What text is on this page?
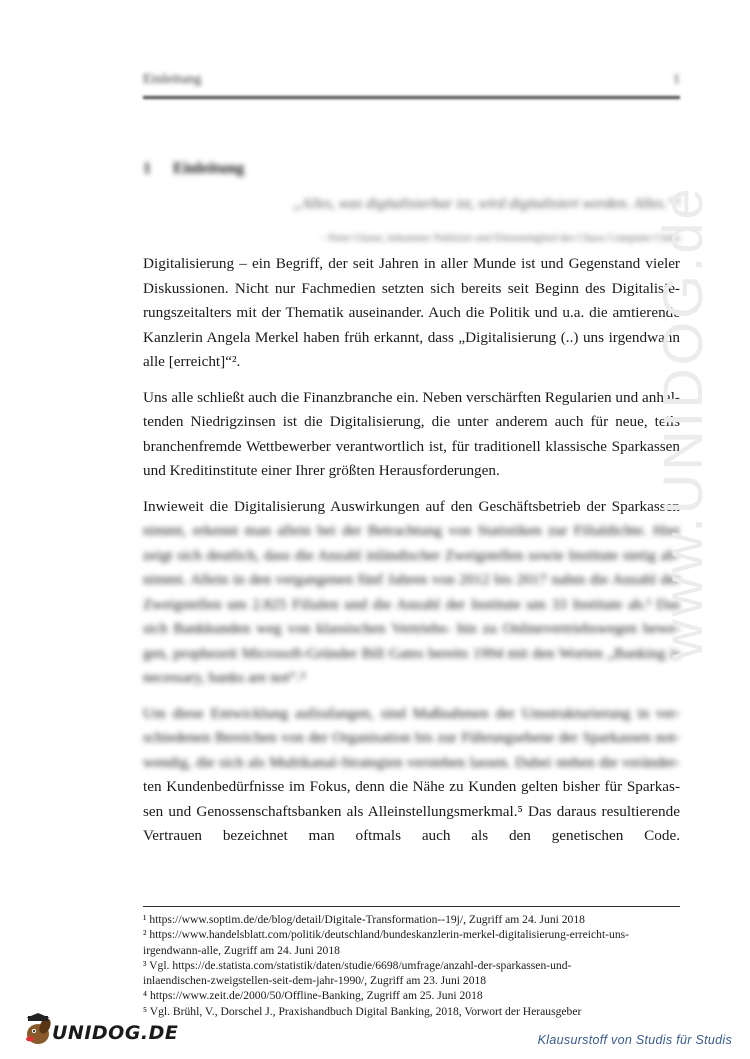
Einleitung	1
1 Einleitung
„Alles, was digitalisierbar ist, wird digitalisiert werden. Alles.“¹
– Peter Glaser, bekannter Publizist und Ehrenmitglied des Chaos Computer Clubs

Digitalisierung – ein Begriff, der seit Jahren in aller Munde ist und Gegenstand vieler
Diskussionen. Nicht nur Fachmedien setzten sich bereits seit Beginn des Digitalisie-
rungszeitalters mit der Thematik auseinander. Auch die Politik und u.a. die amtierende
Kanzlerin Angela Merkel haben früh erkannt, dass „Digitalisierung (..) uns irgendwann
alle [erreicht]“².

Uns alle schließt auch die Finanzbranche ein. Neben verschärften Regularien und anhal-
tenden Niedrigzinsen ist die Digitalisierung, die unter anderem auch für neue, teils
branchenfremde Wettbewerber verantwortlich ist, für traditionell klassische Sparkassen
und Kreditinstitute einer Ihrer größten Herausforderungen.

Inwieweit die Digitalisierung Auswirkungen auf den Geschäftsbetrieb der Sparkassen
nimmt, erkennt man allein bei der Betrachtung von Statistiken zur Filialdichte. Hier
zeigt sich deutlich, dass die Anzahl inländischer Zweigstellen sowie Institute stetig ab-
nimmt. Allein in den vergangenen fünf Jahren von 2012 bis 2017 nahm die Anzahl der
Zweigstellen um 2.825 Filialen und die Anzahl der Institute um 33 Institute ab.³ Das
sich Bankkunden weg von klassischen Vertriebs- hin zu Onlinevertriebswegen bewe-
gen, prophezeit Microsoft-Gründer Bill Gates bereits 1994 mit den Worten „Banking is
necessary, banks are not“.⁴

Um diese Entwicklung aufzufangen, sind Maßnahmen der Umstrukturierung in ver-
schiedenen Bereichen von der Organisation bis zur Führungsebene der Sparkassen not-
wendig, die sich als Multikanal-Strategien verstehen lassen. Dabei stehen die veränder-
ten Kundenbedürfnisse im Fokus, denn die Nähe zu Kunden gelten bisher für Sparkas-
sen und Genossenschaftsbanken als Alleinstellungsmerkmal.⁵ Das daraus resultierende
Vertrauen bezeichnet man oftmals auch als den genetischen Code.

¹ https://www.soptim.de/de/blog/detail/Digitale-Transformation--19j/, Zugriff am 24. Juni 2018
² https://www.handelsblatt.com/politik/deutschland/bundeskanzlerin-merkel-digitalisierung-erreicht-uns-
irgendwann-alle, Zugriff am 24. Juni 2018
³ Vgl. https://de.statista.com/statistik/daten/studie/6698/umfrage/anzahl-der-sparkassen-und-
inlaendischen-zweigstellen-seit-dem-jahr-1990/, Zugriff am 23. Juni 2018
⁴ https://www.zeit.de/2000/50/Offline-Banking, Zugriff am 25. Juni 2018
⁵ Vgl. Brühl, V., Dorschel J., Praxishandbuch Digital Banking, 2018, Vorwort der Herausgeber
www.UNIDOG.de
UNIDOG.DE	Klausurstoff von Studis für Studis
